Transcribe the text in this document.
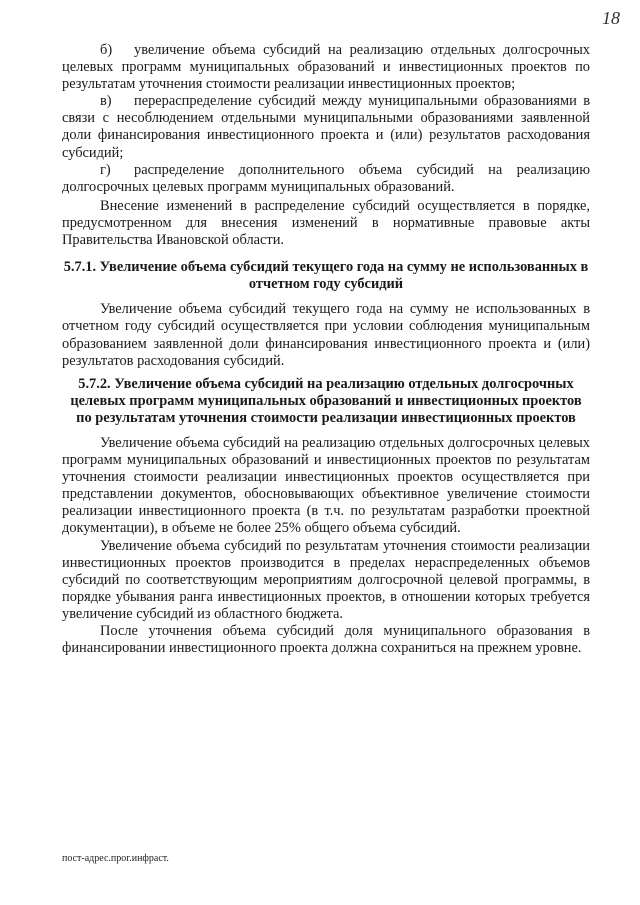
18

б) увеличение объема субсидий на реализацию отдельных долгосрочных целевых программ муниципальных образований и инвестиционных проектов по результатам уточнения стоимости реализации инвестиционных проектов;

в) перераспределение субсидий между муниципальными образованиями в связи с несоблюдением отдельными муниципальными образованиями заявленной доли финансирования инвестиционного проекта и (или) результатов расходования субсидий;

г) распределение дополнительного объема субсидий на реализацию долгосрочных целевых программ муниципальных образований.

Внесение изменений в распределение субсидий осуществляется в порядке, предусмотренном для внесения изменений в нормативные правовые акты Правительства Ивановской области.

5.7.1. Увеличение объема субсидий текущего года на сумму не использованных в отчетном году субсидий

Увеличение объема субсидий текущего года на сумму не использованных в отчетном году субсидий осуществляется при условии соблюдения муниципальным образованием заявленной доли финансирования инвестиционного проекта и (или) результатов расходования субсидий.

5.7.2. Увеличение объема субсидий на реализацию отдельных долгосрочных целевых программ муниципальных образований и инвестиционных проектов по результатам уточнения стоимости реализации инвестиционных проектов

Увеличение объема субсидий на реализацию отдельных долгосрочных целевых программ муниципальных образований и инвестиционных проектов по результатам уточнения стоимости реализации инвестиционных проектов осуществляется при представлении документов, обосновывающих объективное увеличение стоимости реализации инвестиционного проекта (в т.ч. по результатам разработки проектной документации), в объеме не более 25% общего объема субсидий.

Увеличение объема субсидий по результатам уточнения стоимости реализации инвестиционных проектов производится в пределах нераспределенных объемов субсидий по соответствующим мероприятиям долгосрочной целевой программы, в порядке убывания ранга инвестиционных проектов, в отношении которых требуется увеличение субсидий из областного бюджета.

После уточнения объема субсидий доля муниципального образования в финансировании инвестиционного проекта должна сохраниться на прежнем уровне.

пост-адрес.прог.инфраст.
